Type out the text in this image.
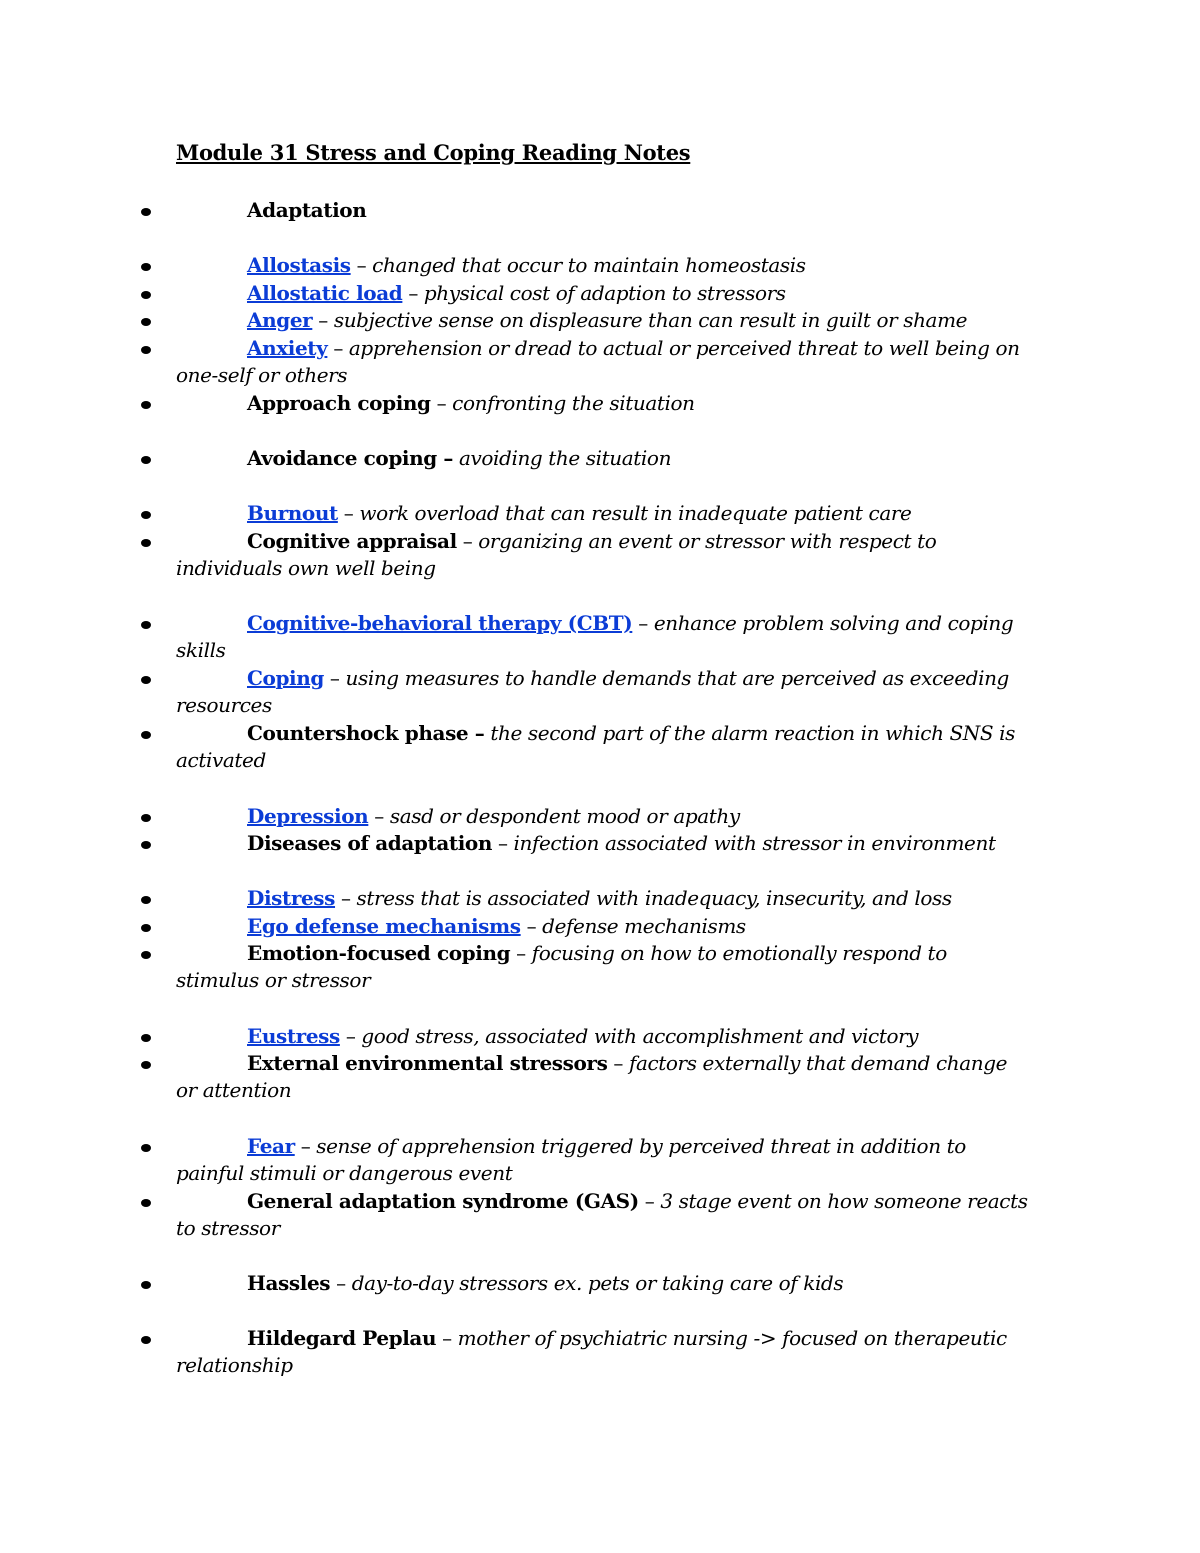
Module 31 Stress and Coping Reading Notes
Adaptation
Allostasis – changed that occur to maintain homeostasis
Allostatic load – physical cost of adaption to stressors
Anger – subjective sense on displeasure than can result in guilt or shame
Anxiety – apprehension or dread to actual or perceived threat to well being on
one-self or others
Approach coping – confronting the situation
Avoidance coping – avoiding the situation
Burnout – work overload that can result in inadequate patient care
Cognitive appraisal – organizing an event or stressor with respect to
individuals own well being
Cognitive-behavioral therapy (CBT) – enhance problem solving and coping
skills
Coping – using measures to handle demands that are perceived as exceeding
resources
Countershock phase – the second part of the alarm reaction in which SNS is
activated
Depression – sasd or despondent mood or apathy
Diseases of adaptation – infection associated with stressor in environment
Distress – stress that is associated with inadequacy, insecurity, and loss
Ego defense mechanisms – defense mechanisms
Emotion-focused coping – focusing on how to emotionally respond to
stimulus or stressor
Eustress – good stress, associated with accomplishment and victory
External environmental stressors – factors externally that demand change
or attention
Fear – sense of apprehension triggered by perceived threat in addition to
painful stimuli or dangerous event
General adaptation syndrome (GAS) – 3 stage event on how someone reacts
to stressor
Hassles – day-to-day stressors ex. pets or taking care of kids
Hildegard Peplau – mother of psychiatric nursing -> focused on therapeutic
relationship
